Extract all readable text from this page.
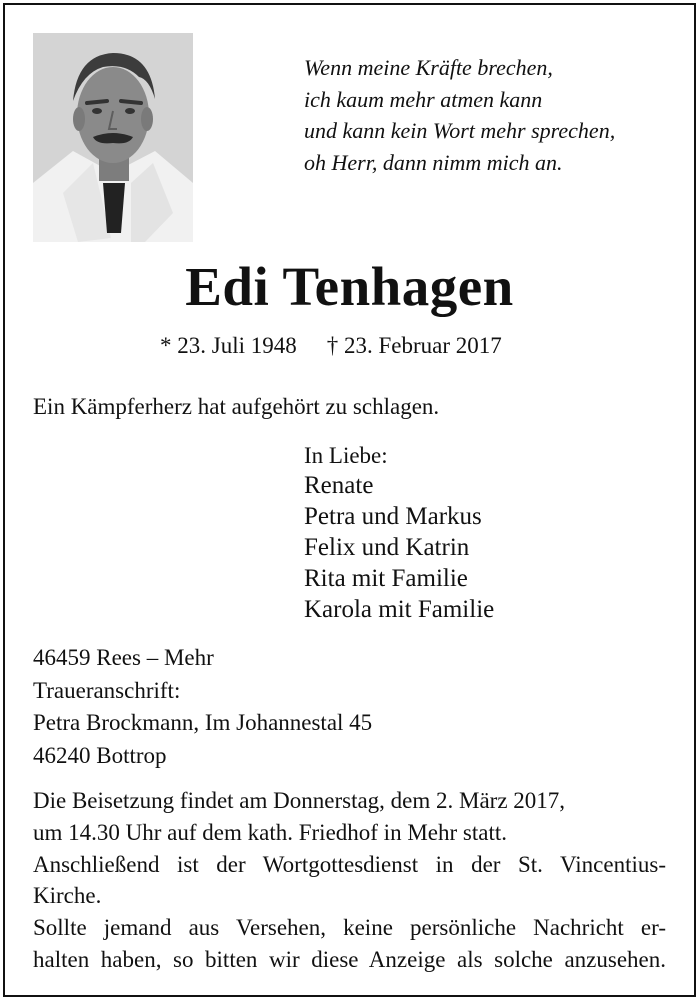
Wenn meine Kräfte brechen,
ich kaum mehr atmen kann
und kann kein Wort mehr sprechen,
oh Herr, dann nimm mich an.
Edi Tenhagen
* 23. Juli 1948 † 23. Februar 2017
Ein Kämpferherz hat aufgehört zu schlagen.
In Liebe:
Renate
Petra und Markus
Felix und Katrin
Rita mit Familie
Karola mit Familie
46459 Rees – Mehr
Traueranschrift:
Petra Brockmann, Im Johannestal 45
46240 Bottrop
Die Beisetzung findet am Donnerstag, dem 2. März 2017,
um 14.30 Uhr auf dem kath. Friedhof in Mehr statt.
Anschließend ist der Wortgottesdienst in der St. Vincentius-
Kirche.
Sollte jemand aus Versehen, keine persönliche Nachricht er-
halten haben, so bitten wir diese Anzeige als solche anzusehen.
